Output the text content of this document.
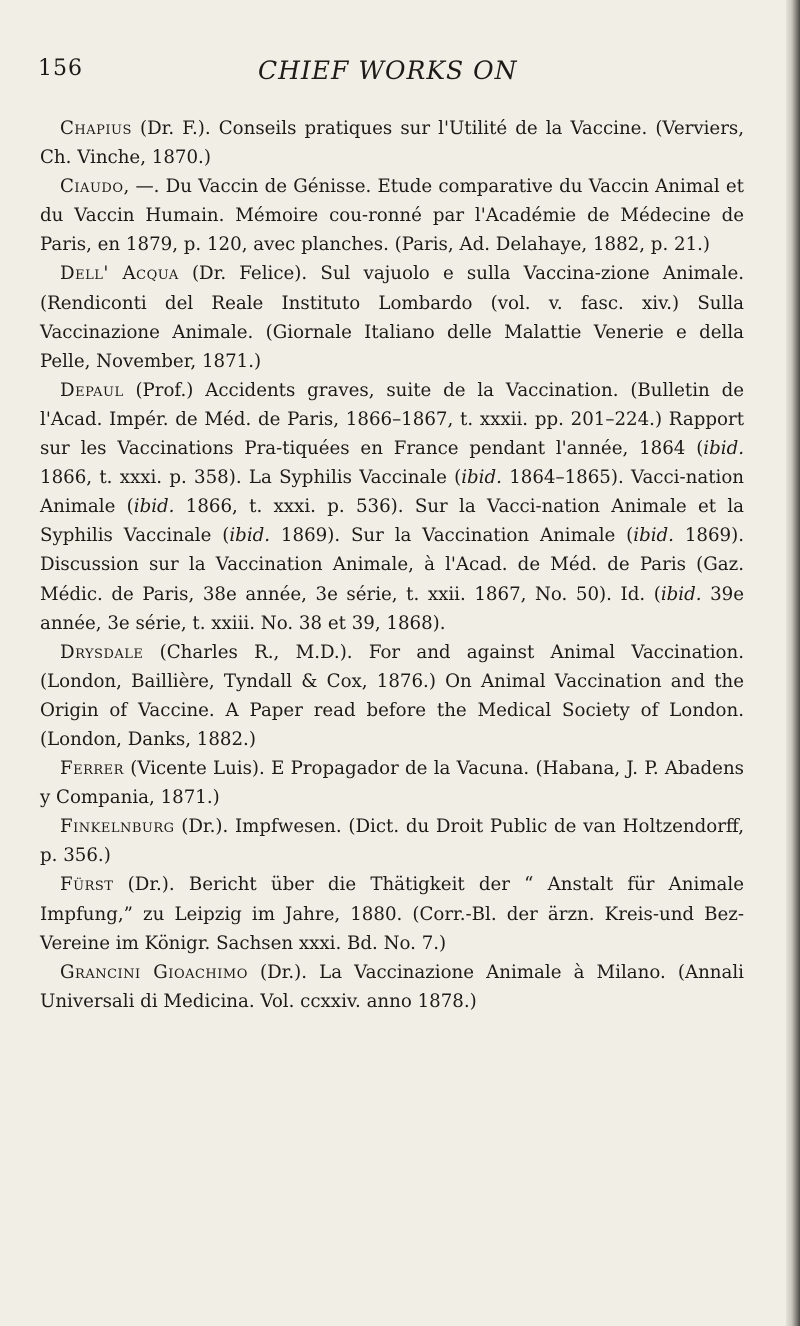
156	CHIEF WORKS ON

Chapius (Dr. F.). Conseils pratiques sur l'Utilité de la Vaccine. (Verviers, Ch. Vinche, 1870.)

Ciaudo, —. Du Vaccin de Génisse. Etude comparative du Vaccin Animal et du Vaccin Humain. Mémoire cou-ronné par l'Académie de Médecine de Paris, en 1879, p. 120, avec planches. (Paris, Ad. Delahaye, 1882, p. 21.)

Dell' Acqua (Dr. Felice). Sul vajuolo e sulla Vaccina-zione Animale. (Rendiconti del Reale Instituto Lombardo (vol. v. fasc. xiv.) Sulla Vaccinazione Animale. (Giornale Italiano delle Malattie Venerie e della Pelle, November, 1871.)

Depaul (Prof.) Accidents graves, suite de la Vaccination. (Bulletin de l'Acad. Impér. de Méd. de Paris, 1866–1867, t. xxxii. pp. 201–224.) Rapport sur les Vaccinations Pra-tiquées en France pendant l'année, 1864 (ibid. 1866, t. xxxi. p. 358). La Syphilis Vaccinale (ibid. 1864–1865). Vacci-nation Animale (ibid. 1866, t. xxxi. p. 536). Sur la Vacci-nation Animale et la Syphilis Vaccinale (ibid. 1869). Sur la Vaccination Animale (ibid. 1869). Discussion sur la Vaccination Animale, à l'Acad. de Méd. de Paris (Gaz. Médic. de Paris, 38e année, 3e série, t. xxii. 1867, No. 50). Id. (ibid. 39e année, 3e série, t. xxiii. No. 38 et 39, 1868).

Drysdale (Charles R., M.D.). For and against Animal Vaccination. (London, Baillière, Tyndall & Cox, 1876.) On Animal Vaccination and the Origin of Vaccine. A Paper read before the Medical Society of London. (London, Danks, 1882.)

Ferrer (Vicente Luis). E Propagador de la Vacuna. (Habana, J. P. Abadens y Compania, 1871.)

Finkelnburg (Dr.). Impfwesen. (Dict. du Droit Public de van Holtzendorff, p. 356.)

Fürst (Dr.). Bericht über die Thätigkeit der “ Anstalt für Animale Impfung,” zu Leipzig im Jahre, 1880. (Corr.-Bl. der ärzn. Kreis-und Bez-Vereine im Königr. Sachsen xxxi. Bd. No. 7.)

Grancini Gioachimo (Dr.). La Vaccinazione Animale à Milano. (Annali Universali di Medicina. Vol. ccxxiv. anno 1878.)
